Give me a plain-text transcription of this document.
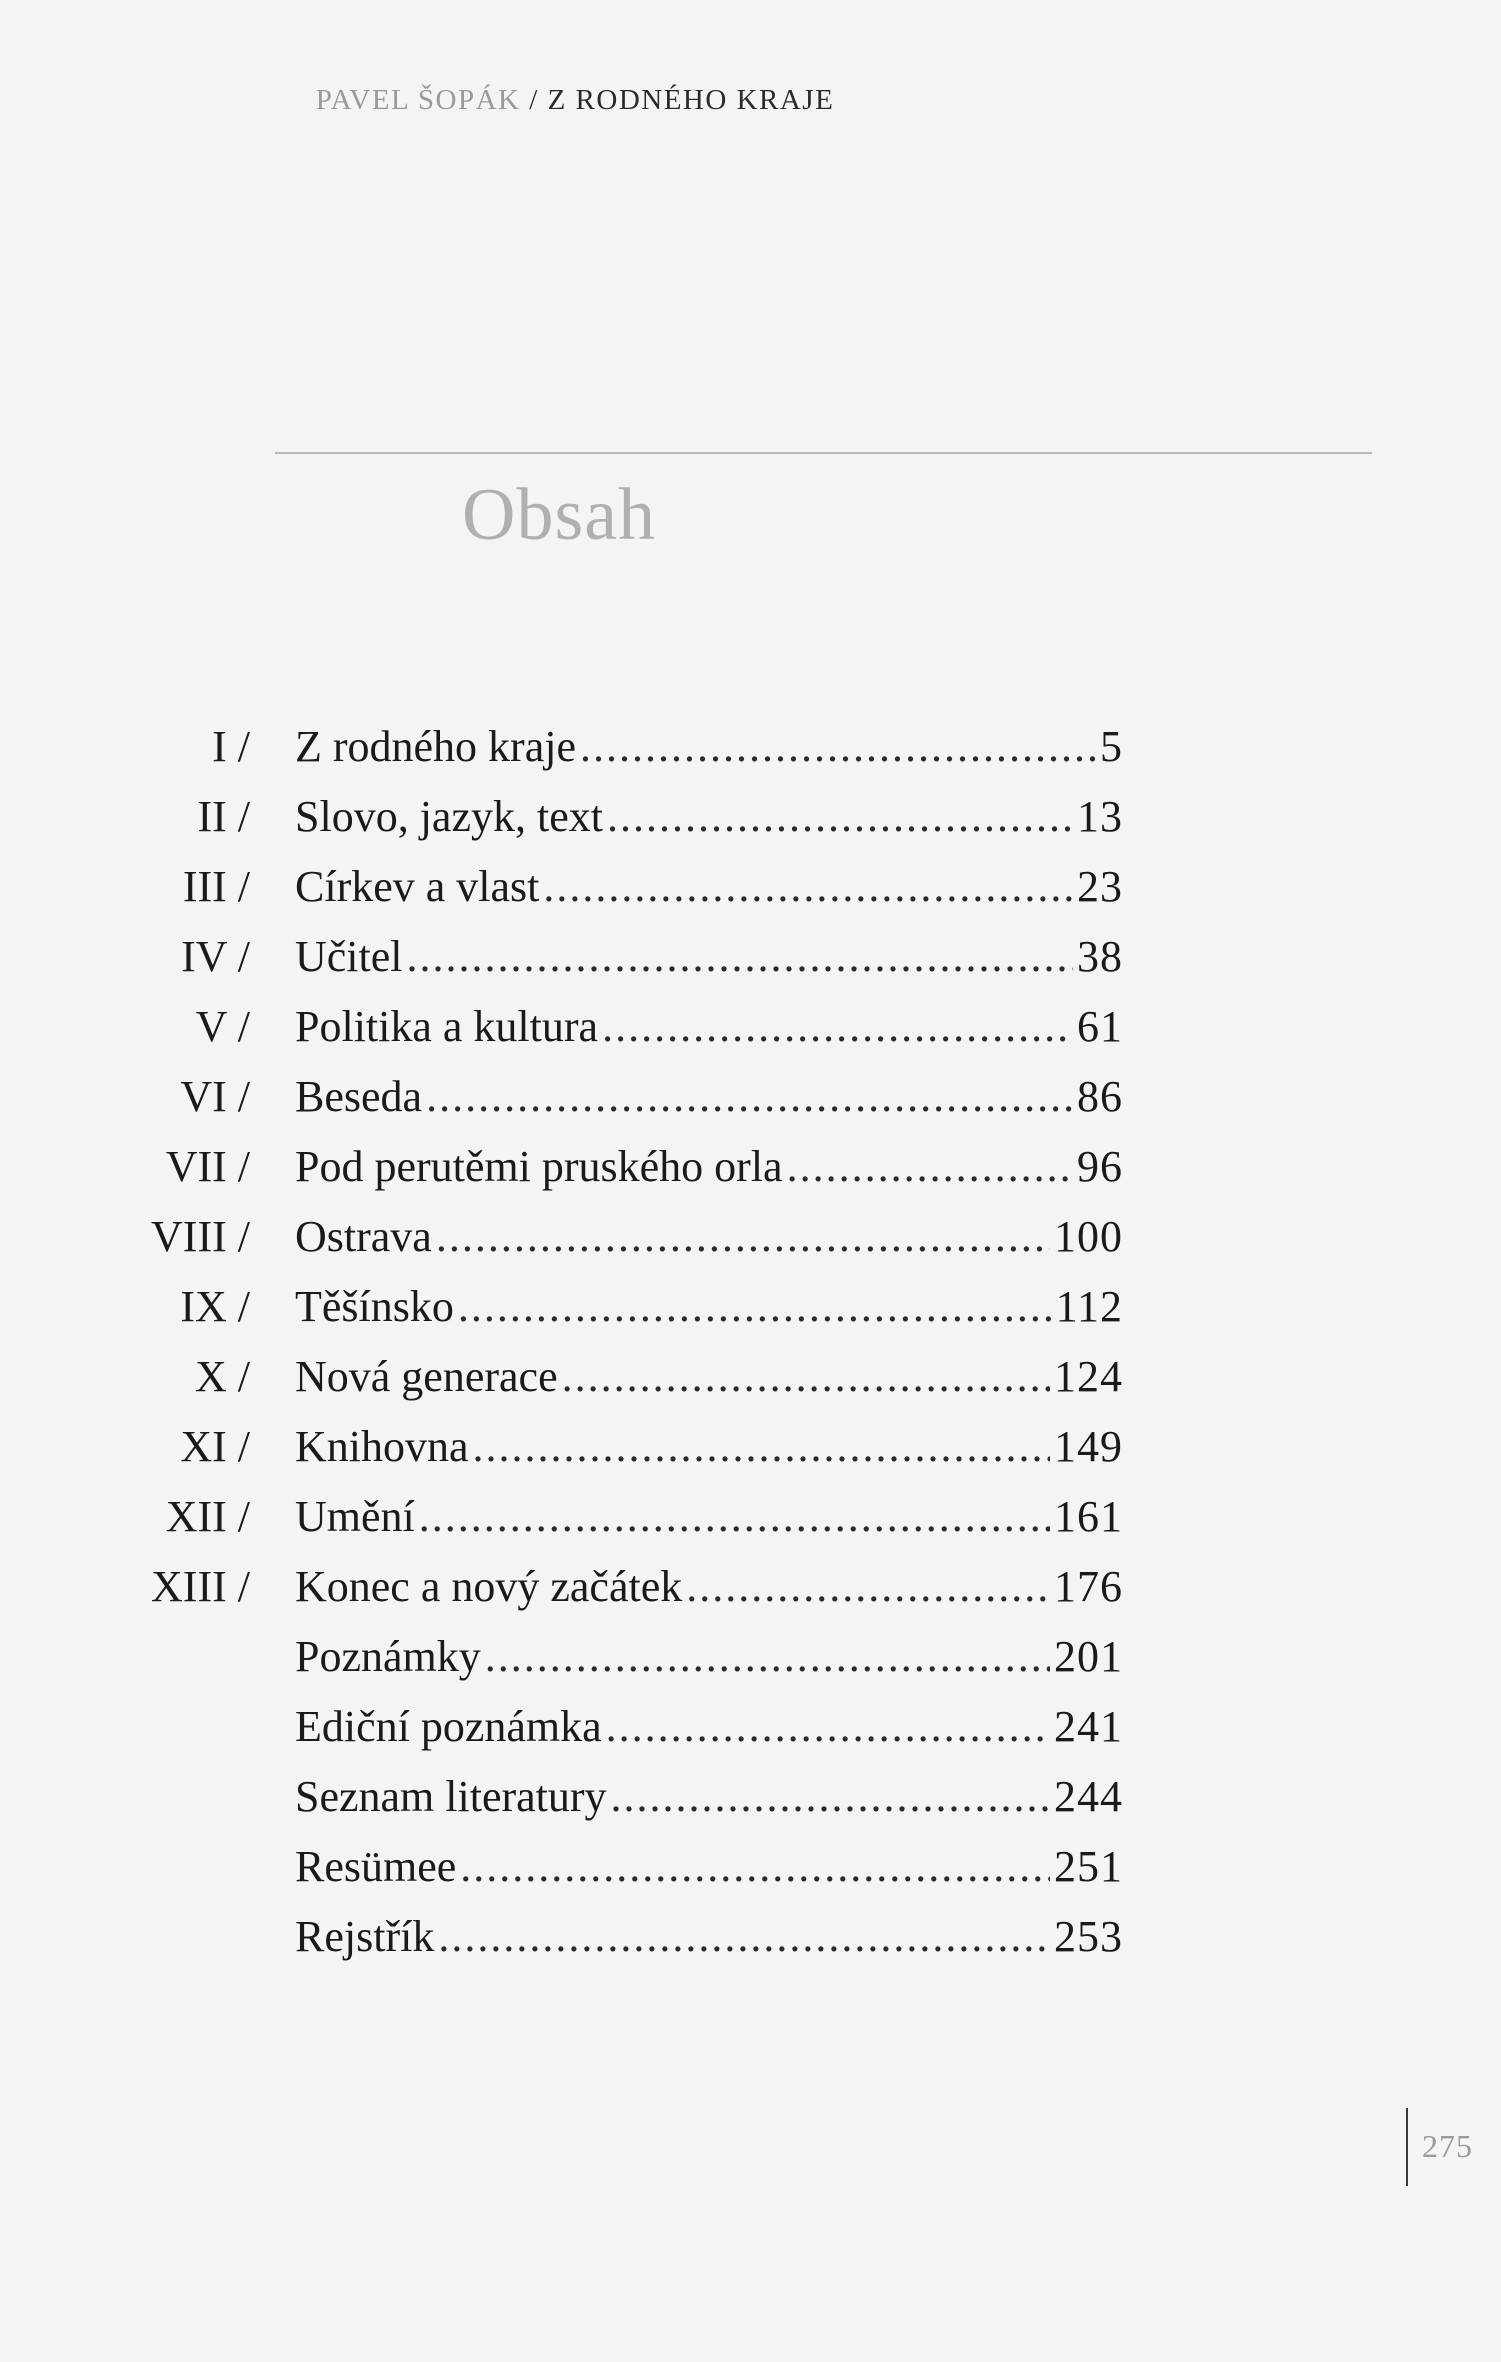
PAVEL ŠOPÁK / Z RODNÉHO KRAJE
Obsah
I / Z rodného kraje .....	5
II / Slovo, jazyk, text .....	13
III / Církev a vlast .....	23
IV / Učitel .....	38
V / Politika a kultura .....	61
VI / Beseda .....	86
VII / Pod perutěmi pruského orla .....	96
VIII / Ostrava .....	100
IX / Těšínsko .....	112
X / Nová generace .....	124
XI / Knihovna .....	149
XII / Umění .....	161
XIII / Konec a nový začátek .....	176
Poznámky .....	201
Ediční poznámka .....	241
Seznam literatury .....	244
Resümee .....	251
Rejstřík .....	253
275
